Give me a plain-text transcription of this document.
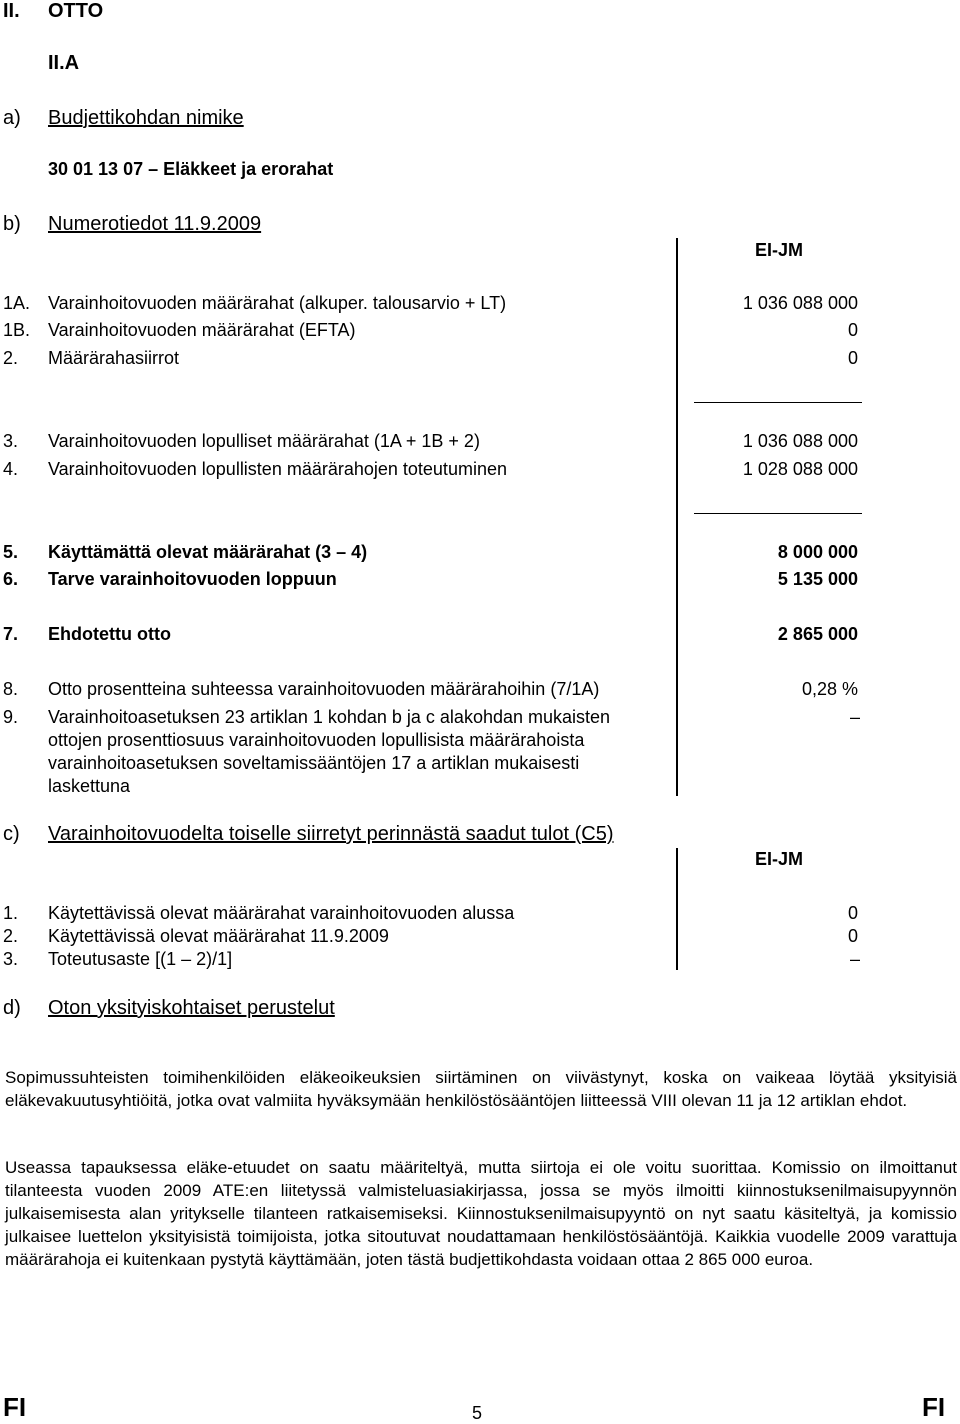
II. OTTO
II.A
a) Budjettikohdan nimike
30 01 13 07 – Eläkkeet ja erorahat
b) Numerotiedot 11.9.2009
EI-JM
1A. Varainhoitovuoden määrärahat (alkuper. talousarvio + LT)	1 036 088 000
1B. Varainhoitovuoden määrärahat (EFTA)	0
2. Määrärahasiirrot	0
3. Varainhoitovuoden lopulliset määrärahat (1A + 1B + 2)	1 036 088 000
4. Varainhoitovuoden lopullisten määrärahojen toteutuminen	1 028 088 000
5. Käyttämättä olevat määrärahat (3 – 4)	8 000 000
6. Tarve varainhoitovuoden loppuun	5 135 000
7. Ehdotettu otto	2 865 000
8. Otto prosentteina suhteessa varainhoitovuoden määrärahoihin (7/1A)	0,28 %
9. Varainhoitoasetuksen 23 artiklan 1 kohdan b ja c alakohdan mukaisten
ottojen prosenttiosuus varainhoitovuoden lopullisista määrärahoista
varainhoitoasetuksen soveltamissääntöjen 17 a artiklan mukaisesti
laskettuna
–
c) Varainhoitovuodelta toiselle siirretyt perinnästä saadut tulot (C5)
EI-JM
1. Käytettävissä olevat määrärahat varainhoitovuoden alussa	0
2. Käytettävissä olevat määrärahat 11.9.2009	0
3. Toteutusaste [(1 – 2)/1]	–
d) Oton yksityiskohtaiset perustelut
Sopimussuhteisten toimihenkilöiden eläkeoikeuksien siirtäminen on viivästynyt, koska on vaikeaa löytää yksityisiä eläkevakuutusyhtiöitä, jotka ovat valmiita hyväksymään henkilöstösääntöjen liitteessä VIII olevan 11 ja 12 artiklan ehdot.
Useassa tapauksessa eläke-etuudet on saatu määriteltyä, mutta siirtoja ei ole voitu suorittaa. Komissio on ilmoittanut tilanteesta vuoden 2009 ATE:en liitetyssä valmisteluasiakirjassa, jossa se myös ilmoitti kiinnostuksenilmaisupyynnön julkaisemisesta alan yritykselle tilanteen ratkaisemiseksi. Kiinnostuksenilmaisupyyntö on nyt saatu käsiteltyä, ja komissio julkaisee luettelon yksityisistä toimijoista, jotka sitoutuvat noudattamaan henkilöstösääntöjä. Kaikkia vuodelle 2009 varattuja määrärahoja ei kuitenkaan pystytä käyttämään, joten tästä budjettikohdasta voidaan ottaa 2 865 000 euroa.
FI	5	FI
